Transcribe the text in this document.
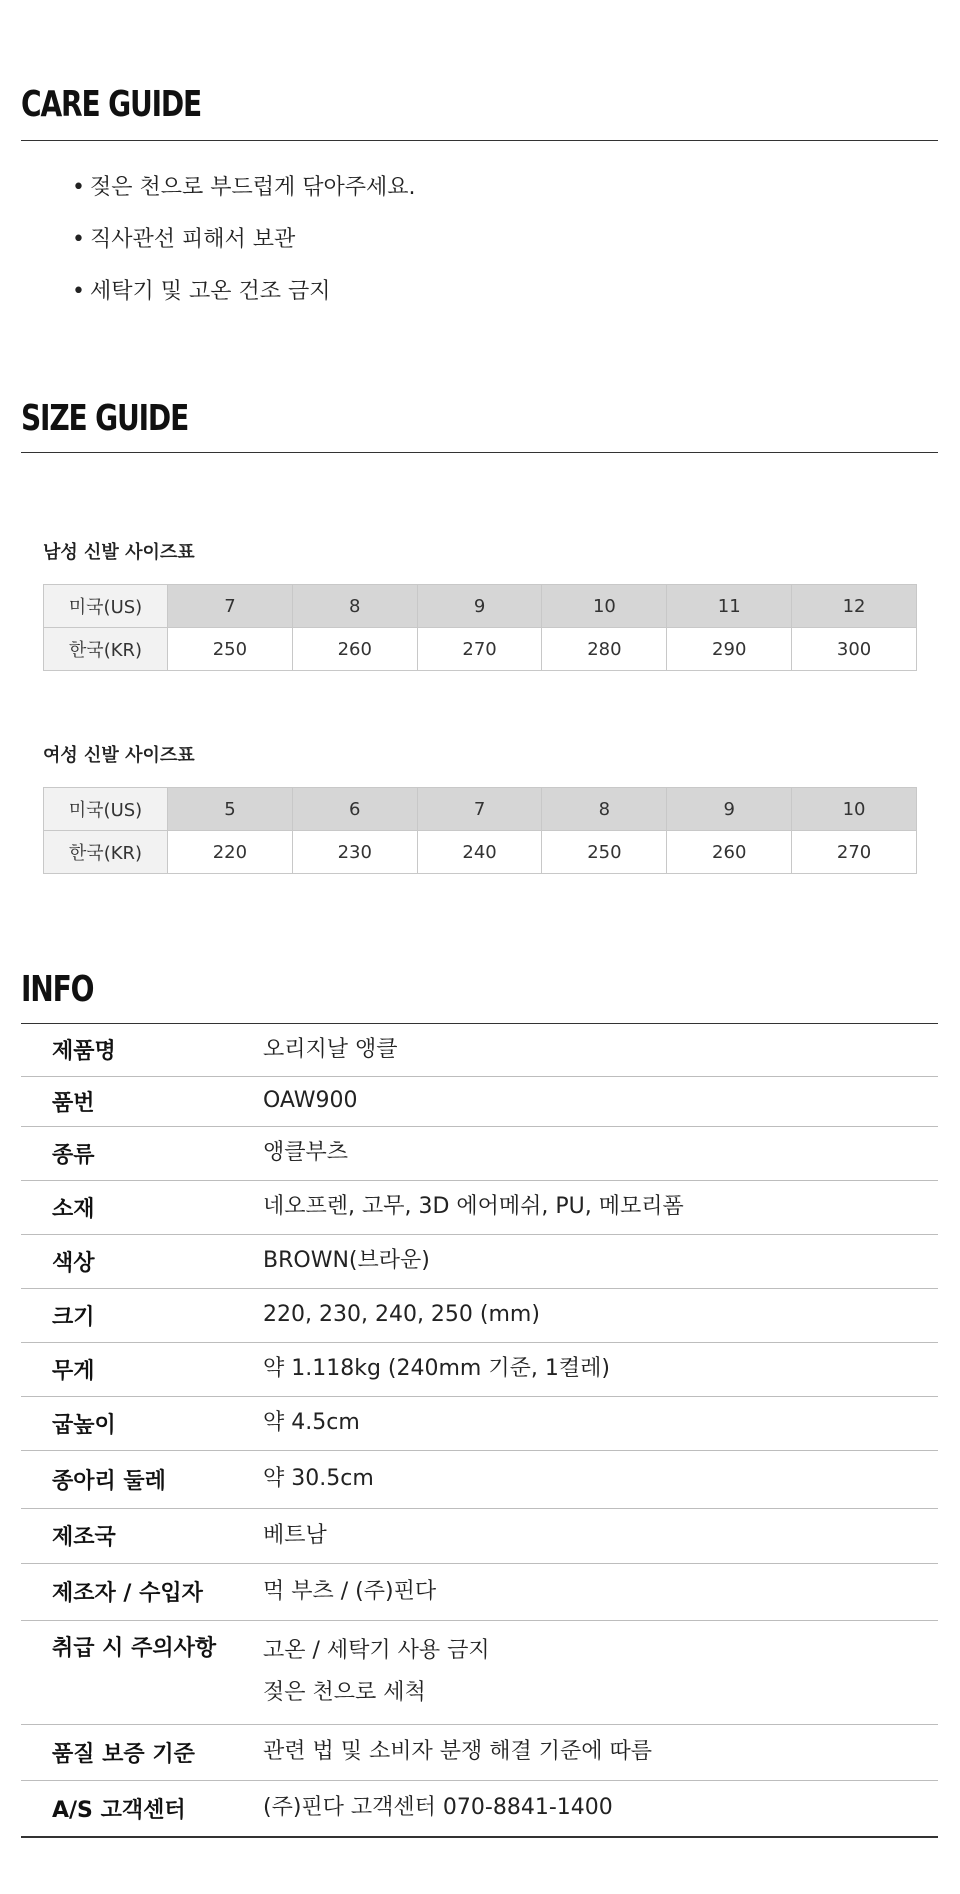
CARE GUIDE
• 젖은 천으로 부드럽게 닦아주세요.
• 직사관선 피해서 보관
• 세탁기 및 고온 건조 금지
SIZE GUIDE
남성 신발 사이즈표
미국(US)	7	8	9	10	11	12
한국(KR)	250	260	270	280	290	300
여성 신발 사이즈표
미국(US)	5	6	7	8	9	10
한국(KR)	220	230	240	250	260	270
INFO
제품명	오리지날 앵클

품번	OAW900

종류	앵클부츠

소재	네오프렌, 고무, 3D 에어메쉬, PU, 메모리폼

색상	BROWN(브라운)

크기	220, 230, 240, 250 (mm)

무게	약 1.118kg (240mm 기준, 1켤레)

굽높이	약 4.5cm

종아리 둘레	약 30.5cm

제조국	베트남

제조자 / 수입자	먹 부츠 / (주)핀다

취급 시 주의사항	고온 / 세탁기 사용 금지
젖은 천으로 세척

품질 보증 기준	관련 법 및 소비자 분쟁 해결 기준에 따름

A/S 고객센터	(주)핀다 고객센터 070-8841-1400
